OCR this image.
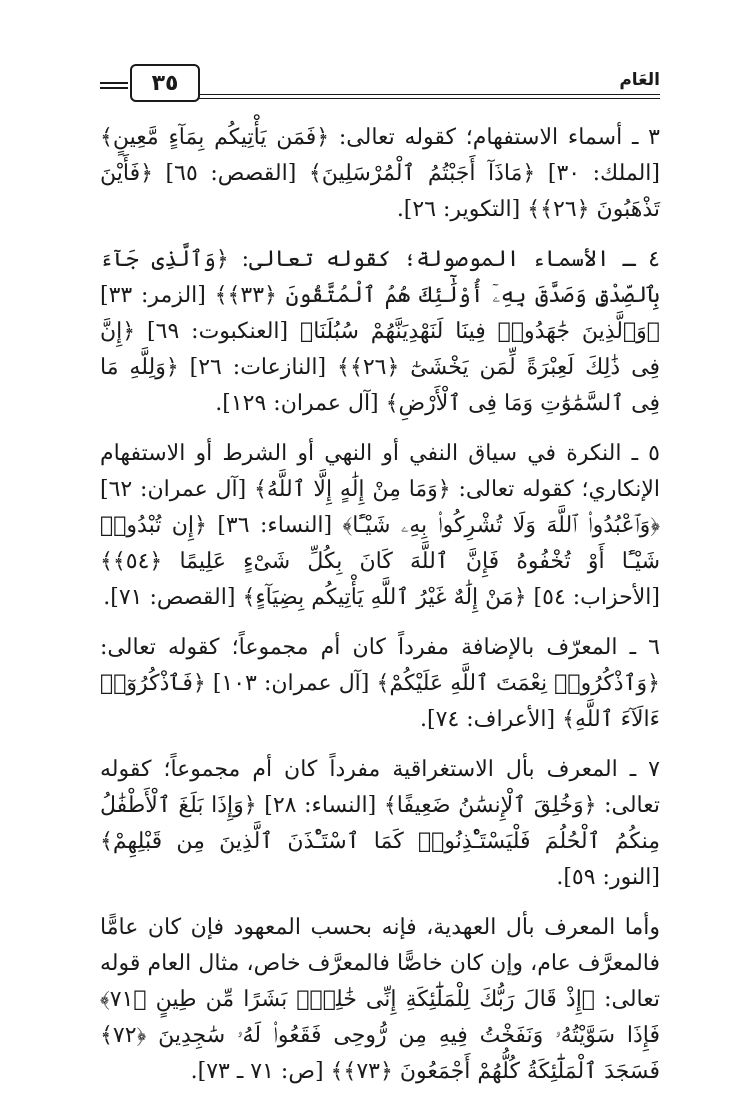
العَام
٣٥

٣ ـ أسماء الاستفهام؛ كقوله تعالى: ﴿فَمَن يَأْتِيكُم بِمَآءٍ مَّعِينٍ﴾ [الملك: ٣٠] ﴿مَاذَآ أَجَبْتُمُ ٱلْمُرْسَلِينَ﴾ [القصص: ٦٥] ﴿فَأَيْنَ تَذْهَبُونَ ﴿٢٦﴾﴾ [التكوير: ٢٦].

٤ ـ الأسماء الموصولة؛ كقوله تعالى: ﴿وَٱلَّذِى جَآءَ بِٱلصِّدْقِ وَصَدَّقَ بِهِۦٓ أُوْلَٰٓئِكَ هُمُ ٱلْمُتَّقُونَ ﴿٣٣﴾﴾ [الزمر: ٣٣] ﴿وَٱلَّذِينَ جَٰهَدُوا۟ فِينَا لَنَهْدِيَنَّهُمْ سُبُلَنَا﴾ [العنكبوت: ٦٩] ﴿إِنَّ فِى ذَٰلِكَ لَعِبْرَةً لِّمَن يَخْشَىٰٓ ﴿٢٦﴾﴾ [النازعات: ٢٦] ﴿وَلِلَّهِ مَا فِى ٱلسَّمَٰوَٰتِ وَمَا فِى ٱلْأَرْضِ﴾ [آل عمران: ١٢٩].

٥ ـ النكرة في سياق النفي أو النهي أو الشرط أو الاستفهام الإنكاري؛ كقوله تعالى: ﴿وَمَا مِنْ إِلَٰهٍ إِلَّا ٱللَّهُ﴾ [آل عمران: ٦٢] ﴿وَٱعْبُدُوا۟ ٱللَّهَ وَلَا تُشْرِكُوا۟ بِهِۦ شَيْـًٔا﴾ [النساء: ٣٦] ﴿إِن تُبْدُوا۟ شَيْـًٔا أَوْ تُخْفُوهُ فَإِنَّ ٱللَّهَ كَانَ بِكُلِّ شَىْءٍ عَلِيمًا ﴿٥٤﴾﴾ [الأحزاب: ٥٤] ﴿مَنْ إِلَٰهٌ غَيْرُ ٱللَّهِ يَأْتِيكُم بِضِيَآءٍ﴾ [القصص: ٧١].

٦ ـ المعرّف بالإضافة مفرداً كان أم مجموعاً؛ كقوله تعالى: ﴿وَٱذْكُرُوا۟ نِعْمَتَ ٱللَّهِ عَلَيْكُمْ﴾ [آل عمران: ١٠٣] ﴿فَٱذْكُرُوٓا۟ ءَالَآءَ ٱللَّهِ﴾ [الأعراف: ٧٤].

٧ ـ المعرف بأل الاستغراقية مفرداً كان أم مجموعاً؛ كقوله تعالى: ﴿وَخُلِقَ ٱلْإِنسَٰنُ ضَعِيفًا﴾ [النساء: ٢٨] ﴿وَإِذَا بَلَغَ ٱلْأَطْفَٰلُ مِنكُمُ ٱلْحُلُمَ فَلْيَسْتَـْٔذِنُوا۟ كَمَا ٱسْتَـْٔذَنَ ٱلَّذِينَ مِن قَبْلِهِمْ﴾ [النور: ٥٩].

وأما المعرف بأل العهدية، فإنه بحسب المعهود فإن كان عامًّا فالمعرَّف عام، وإن كان خاصًّا فالمعرَّف خاص، مثال العام قوله تعالى: ﴿إِذْ قَالَ رَبُّكَ لِلْمَلَٰٓئِكَةِ إِنِّى خَٰلِقٌۢ بَشَرًا مِّن طِينٍ ﴿٧١﴾ فَإِذَا سَوَّيْتُهُۥ وَنَفَخْتُ فِيهِ مِن رُّوحِى فَقَعُوا۟ لَهُۥ سَٰجِدِينَ ﴿٧٢﴾ فَسَجَدَ ٱلْمَلَٰٓئِكَةُ كُلُّهُمْ أَجْمَعُونَ ﴿٧٣﴾﴾ [ص: ٧١ ـ ٧٣].
